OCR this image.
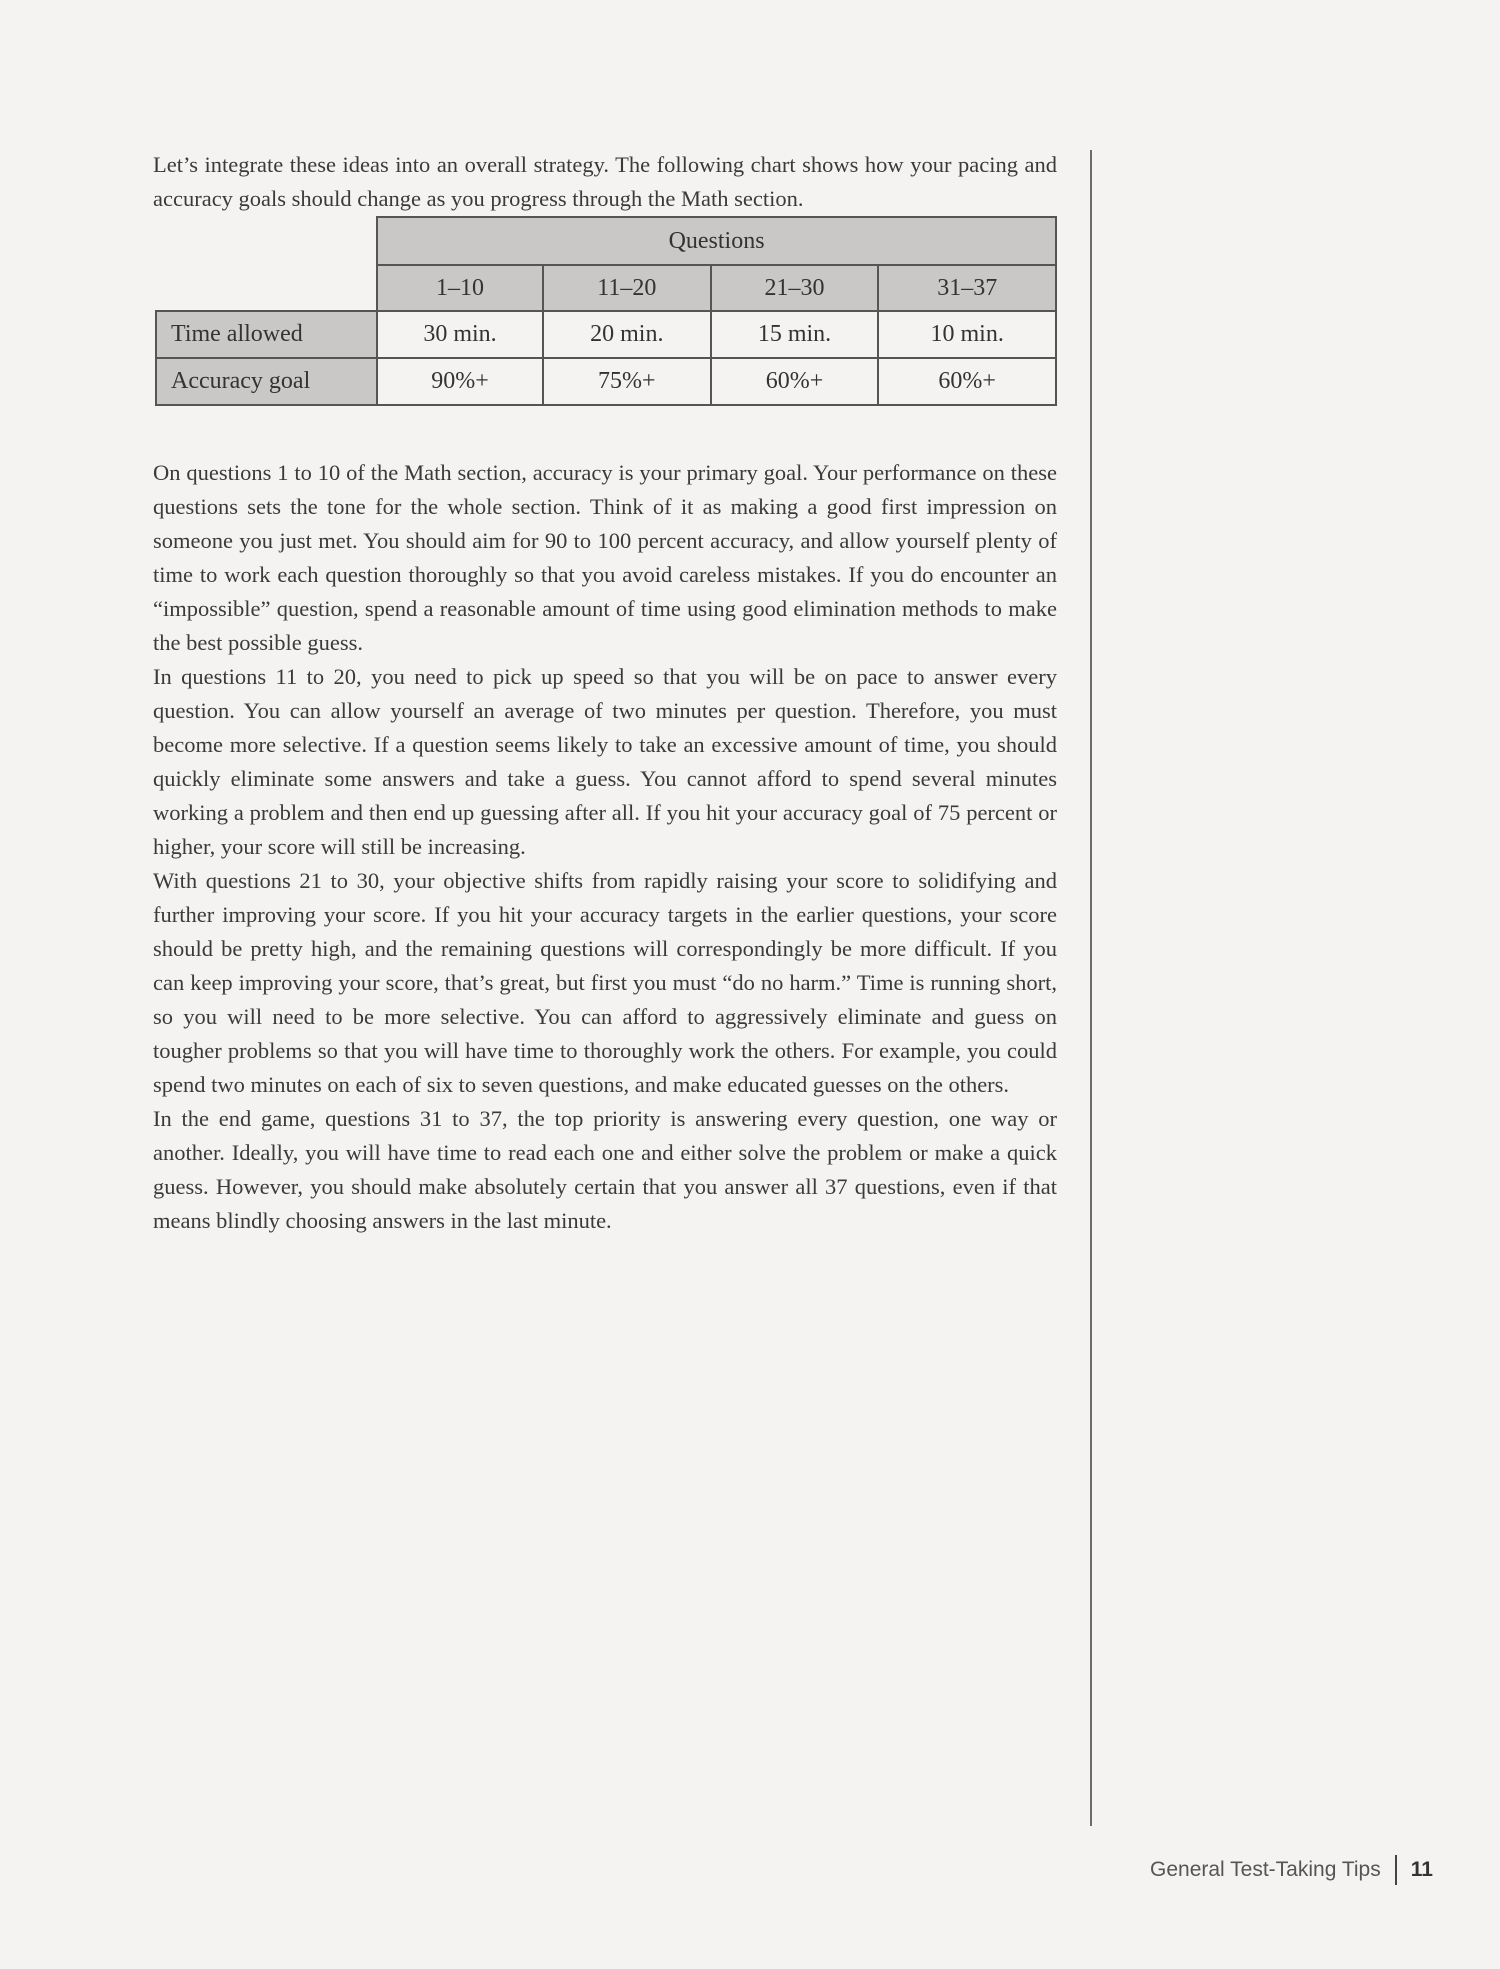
Let’s integrate these ideas into an overall strategy. The following chart shows how your pacing and accuracy goals should change as you progress through the Math section.

	Questions			
	1–10	11–20	21–30	31–37
Time allowed	30 min.	20 min.	15 min.	10 min.
Accuracy goal	90%+	75%+	60%+	60%+

On questions 1 to 10 of the Math section, accuracy is your primary goal. Your performance on these questions sets the tone for the whole section. Think of it as making a good first impression on someone you just met. You should aim for 90 to 100 percent accuracy, and allow yourself plenty of time to work each question thoroughly so that you avoid careless mistakes. If you do encounter an “impossible” question, spend a reasonable amount of time using good elimination methods to make the best possible guess.

In questions 11 to 20, you need to pick up speed so that you will be on pace to answer every question. You can allow yourself an average of two minutes per question. Therefore, you must become more selective. If a question seems likely to take an excessive amount of time, you should quickly eliminate some answers and take a guess. You cannot afford to spend several minutes working a problem and then end up guessing after all. If you hit your accuracy goal of 75 percent or higher, your score will still be increasing.

With questions 21 to 30, your objective shifts from rapidly raising your score to solidifying and further improving your score. If you hit your accuracy targets in the earlier questions, your score should be pretty high, and the remaining questions will correspondingly be more difficult. If you can keep improving your score, that’s great, but first you must “do no harm.” Time is running short, so you will need to be more selective. You can afford to aggressively eliminate and guess on tougher problems so that you will have time to thoroughly work the others. For example, you could spend two minutes on each of six to seven questions, and make educated guesses on the others.

In the end game, questions 31 to 37, the top priority is answering every question, one way or another. Ideally, you will have time to read each one and either solve the problem or make a quick guess. However, you should make absolutely certain that you answer all 37 questions, even if that means blindly choosing answers in the last minute.

General Test-Taking Tips 11
